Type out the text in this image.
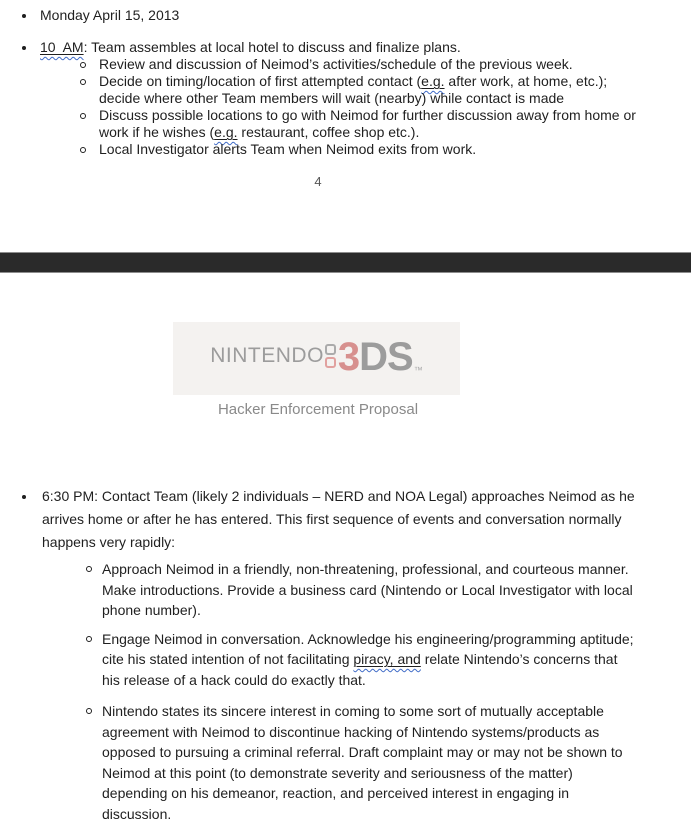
Monday April 15, 2013
10  AM: Team assembles at local hotel to discuss and finalize plans.
Review and discussion of Neimod’s activities/schedule of the previous week.
Decide on timing/location of first attempted contact (e.g. after work, at home, etc.); decide where other Team members will wait (nearby) while contact is made
Discuss possible locations to go with Neimod for further discussion away from home or work if he wishes (e.g. restaurant, coffee shop etc.).
Local Investigator alerts Team when Neimod exits from work.
4
NINTENDO 3 DS ™
Hacker Enforcement Proposal
6:30 PM: Contact Team (likely 2 individuals – NERD and NOA Legal) approaches Neimod as he arrives home or after he has entered. This first sequence of events and conversation normally happens very rapidly:
Approach Neimod in a friendly, non-threatening, professional, and courteous manner. Make introductions. Provide a business card (Nintendo or Local Investigator with local phone number).
Engage Neimod in conversation. Acknowledge his engineering/programming aptitude; cite his stated intention of not facilitating piracy, and relate Nintendo’s concerns that his release of a hack could do exactly that.
Nintendo states its sincere interest in coming to some sort of mutually acceptable agreement with Neimod to discontinue hacking of Nintendo systems/products as opposed to pursuing a criminal referral. Draft complaint may or may not be shown to Neimod at this point (to demonstrate severity and seriousness of the matter) depending on his demeanor, reaction, and perceived interest in engaging in discussion.
